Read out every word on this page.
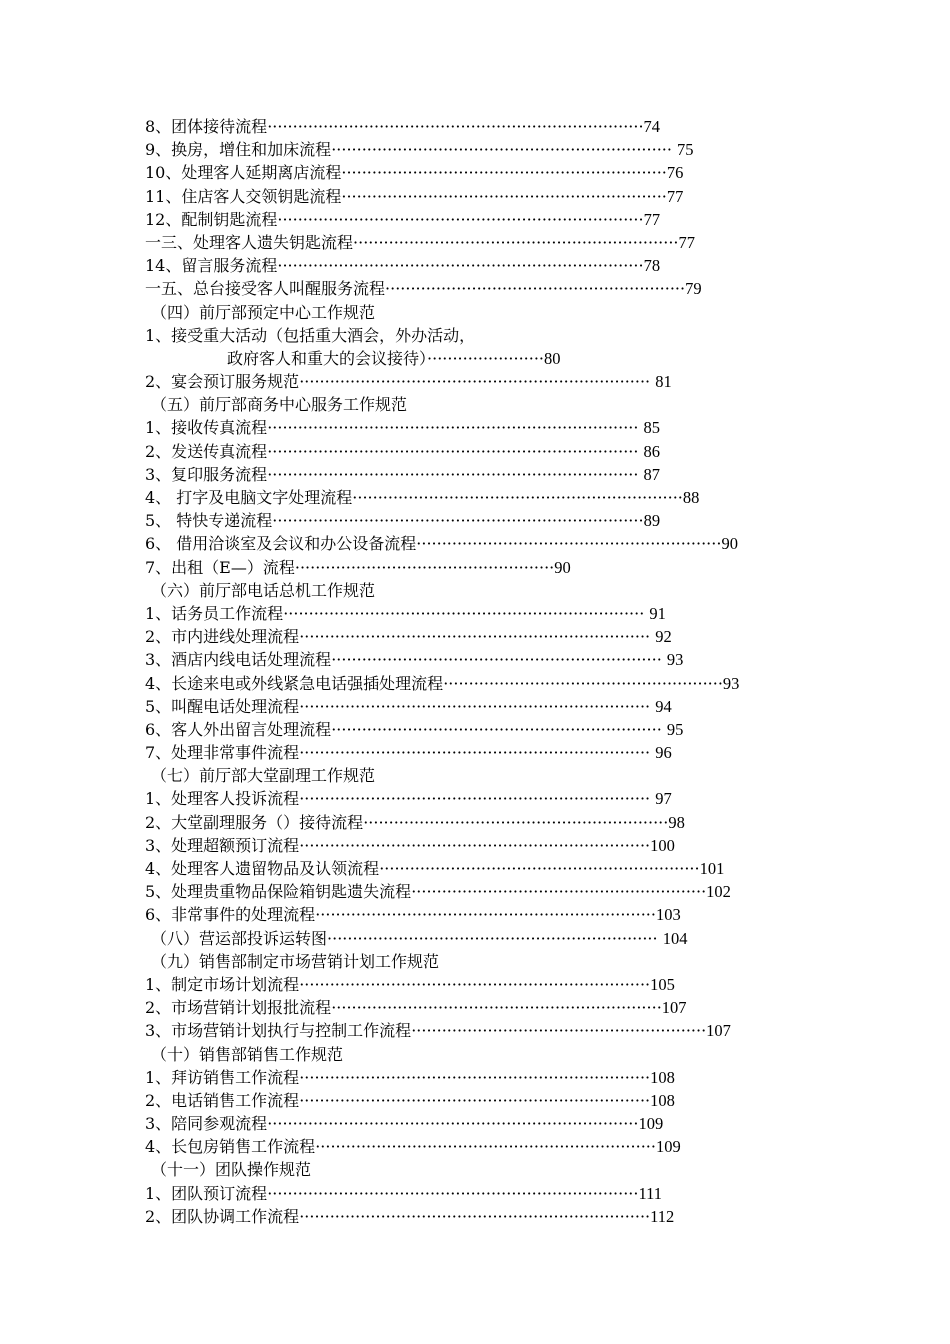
8、团体接待流程··········································································74
9、换房，增住和加床流程··································································· 75
10、处理客人延期离店流程································································76
11、住店客人交领钥匙流程································································77
12、配制钥匙流程········································································77
一三、处理客人遗失钥匙流程································································77
14、留言服务流程········································································78
一五、总台接受客人叫醒服务流程···························································79
（四）前厅部预定中心工作规范
1、接受重大活动（包括重大酒会，外办活动，
政府客人和重大的会议接待）·······················80
2、宴会预订服务规范····································································· 81
（五）前厅部商务中心服务工作规范
1、接收传真流程········································································· 85
2、发送传真流程········································································· 86
3、复印服务流程········································································· 87
4、 打字及电脑文字处理流程·································································88
5、 特快专递流程·········································································89
6、 借用洽谈室及会议和办公设备流程····························································90
7、出租（E—）流程···················································90
（六）前厅部电话总机工作规范
1、话务员工作流程······································································· 91
2、市内进线处理流程····································································· 92
3、酒店内线电话处理流程································································· 93
4、长途来电或外线紧急电话强插处理流程·······················································93
5、叫醒电话处理流程····································································· 94
6、客人外出留言处理流程································································· 95
7、处理非常事件流程····································································· 96
（七）前厅部大堂副理工作规范
1、处理客人投诉流程····································································· 97
2、大堂副理服务（）接待流程····························································98
3、处理超额预订流程·····································································100
4、处理客人遗留物品及认领流程·······························································101
5、处理贵重物品保险箱钥匙遗失流程··························································102
6、非常事件的处理流程···································································103
（八）营运部投诉运转图································································· 104
（九）销售部制定市场营销计划工作规范
1、制定市场计划流程·····································································105
2、市场营销计划报批流程·································································107
3、市场营销计划执行与控制工作流程··························································107
（十）销售部销售工作规范
1、拜访销售工作流程·····································································108
2、电话销售工作流程·····································································108
3、陪同参观流程·········································································109
4、长包房销售工作流程···································································109
（十一）团队操作规范
1、团队预订流程·········································································111
2、团队协调工作流程·····································································112
